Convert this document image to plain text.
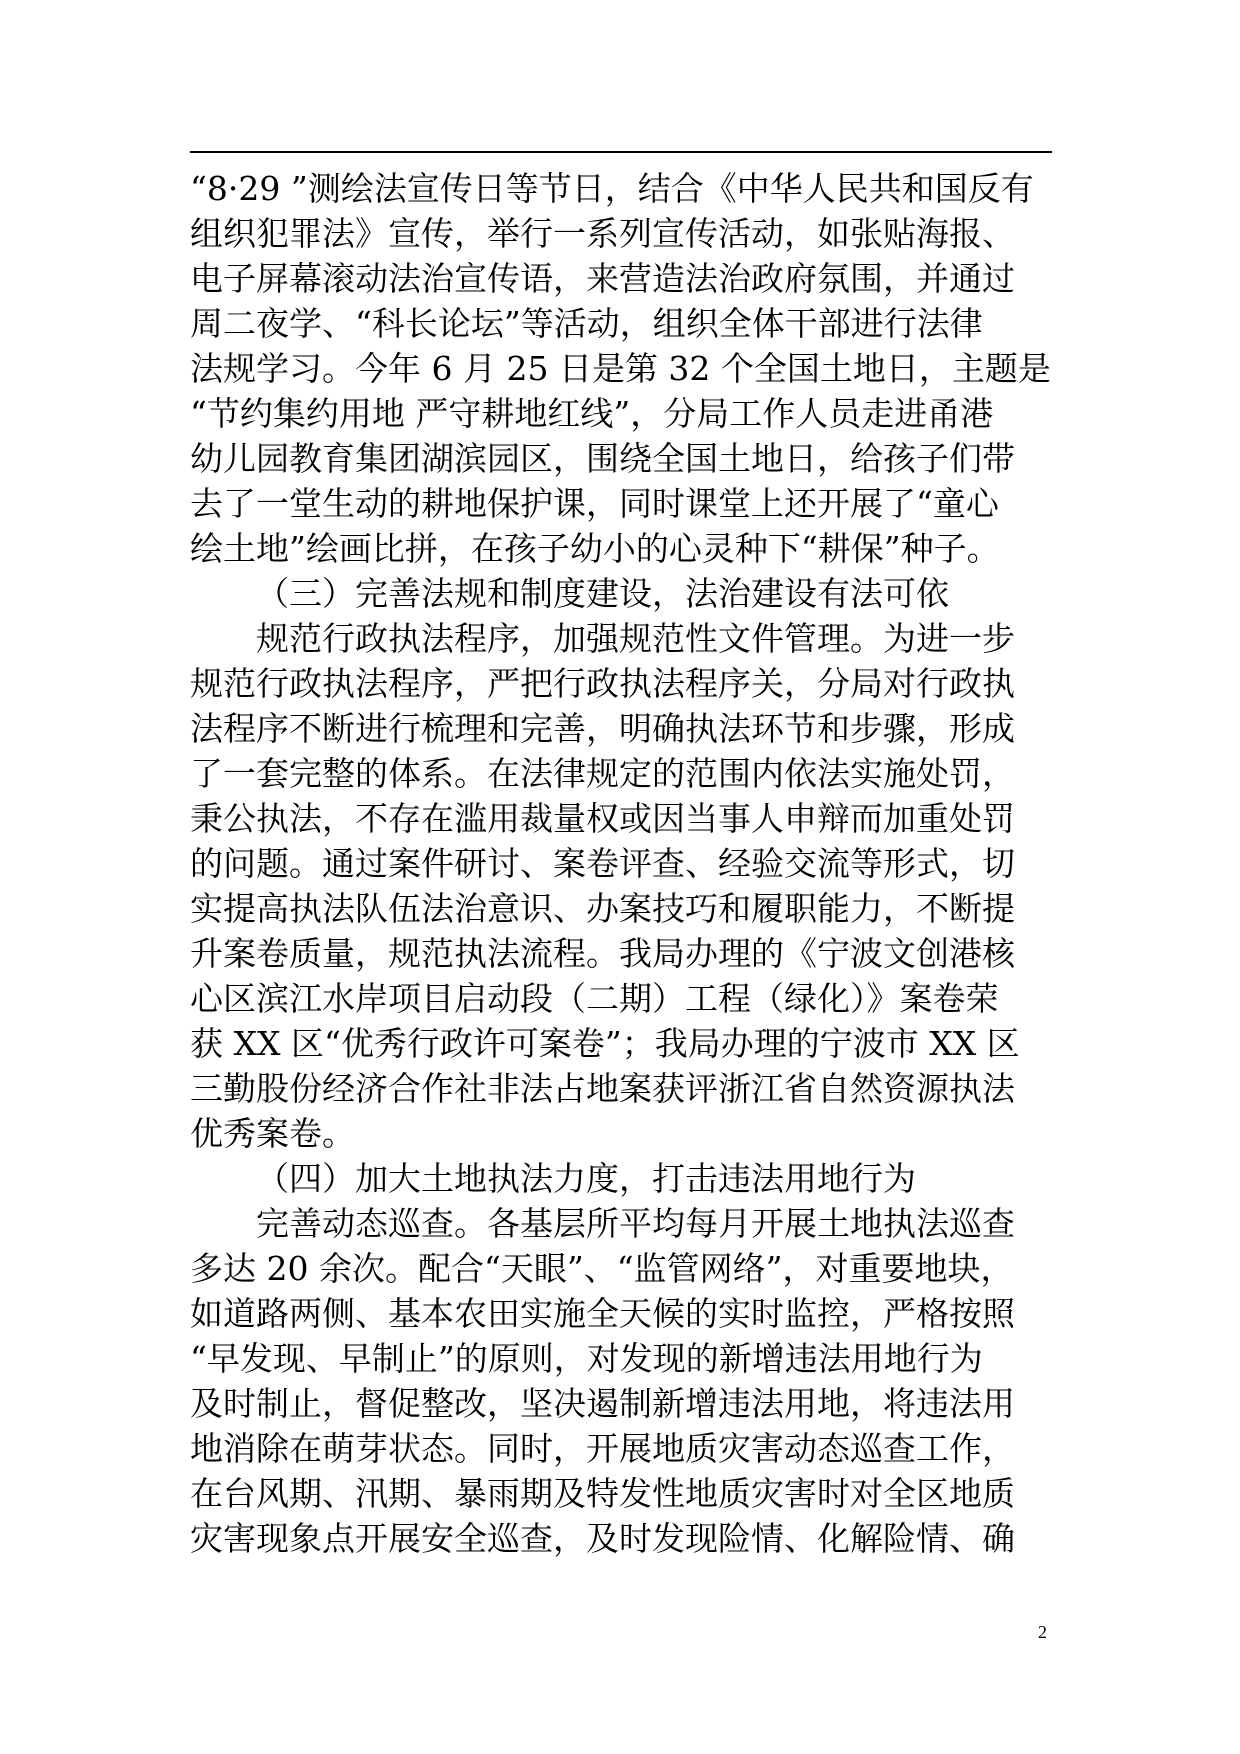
“8·29 ”测绘法宣传日等节日，结合《中华人民共和国反有
组织犯罪法》宣传，举行一系列宣传活动，如张贴海报、
电子屏幕滚动法治宣传语，来营造法治政府氛围，并通过
周二夜学、“科长论坛”等活动，组织全体干部进行法律
法规学习。今年 6 月 25 日是第 32 个全国土地日，主题是
“节约集约用地 严守耕地红线”，分局工作人员走进甬港
幼儿园教育集团湖滨园区，围绕全国土地日，给孩子们带
去了一堂生动的耕地保护课，同时课堂上还开展了“童心
绘土地”绘画比拼，在孩子幼小的心灵种下“耕保”种子。
（三）完善法规和制度建设，法治建设有法可依
规范行政执法程序，加强规范性文件管理。为进一步
规范行政执法程序，严把行政执法程序关，分局对行政执
法程序不断进行梳理和完善，明确执法环节和步骤，形成
了一套完整的体系。在法律规定的范围内依法实施处罚，
秉公执法，不存在滥用裁量权或因当事人申辩而加重处罚
的问题。通过案件研讨、案卷评查、经验交流等形式，切
实提高执法队伍法治意识、办案技巧和履职能力，不断提
升案卷质量，规范执法流程。我局办理的《宁波文创港核
心区滨江水岸项目启动段（二期）工程（绿化）》案卷荣
获 XX 区“优秀行政许可案卷”；我局办理的宁波市 XX 区
三勤股份经济合作社非法占地案获评浙江省自然资源执法
优秀案卷。
（四）加大土地执法力度，打击违法用地行为
完善动态巡查。各基层所平均每月开展土地执法巡查
多达 20 余次。配合“天眼”、“监管网络”，对重要地块，
如道路两侧、基本农田实施全天候的实时监控，严格按照
“早发现、早制止”的原则，对发现的新增违法用地行为
及时制止，督促整改，坚决遏制新增违法用地，将违法用
地消除在萌芽状态。同时，开展地质灾害动态巡查工作，
在台风期、汛期、暴雨期及特发性地质灾害时对全区地质
灾害现象点开展安全巡查，及时发现险情、化解险情、确
2
